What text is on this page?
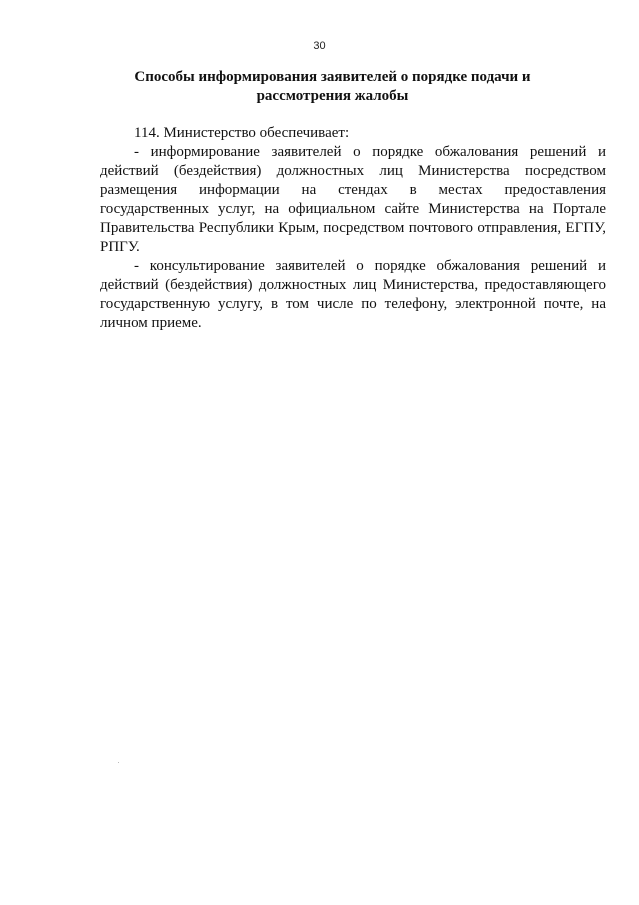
30
Способы информирования заявителей о порядке подачи и
рассмотрения жалобы

114. Министерство обеспечивает:

- информирование заявителей о порядке обжалования решений и действий (бездействия) должностных лиц Министерства посредством размещения информации на стендах в местах предоставления государственных услуг, на официальном сайте Министерства на Портале Правительства Республики Крым, посредством почтового отправления, ЕГПУ, РПГУ.

- консультирование заявителей о порядке обжалования решений и действий (бездействия) должностных лиц Министерства, предоставляющего государственную услугу, в том числе по телефону, электронной почте, на личном приеме.
